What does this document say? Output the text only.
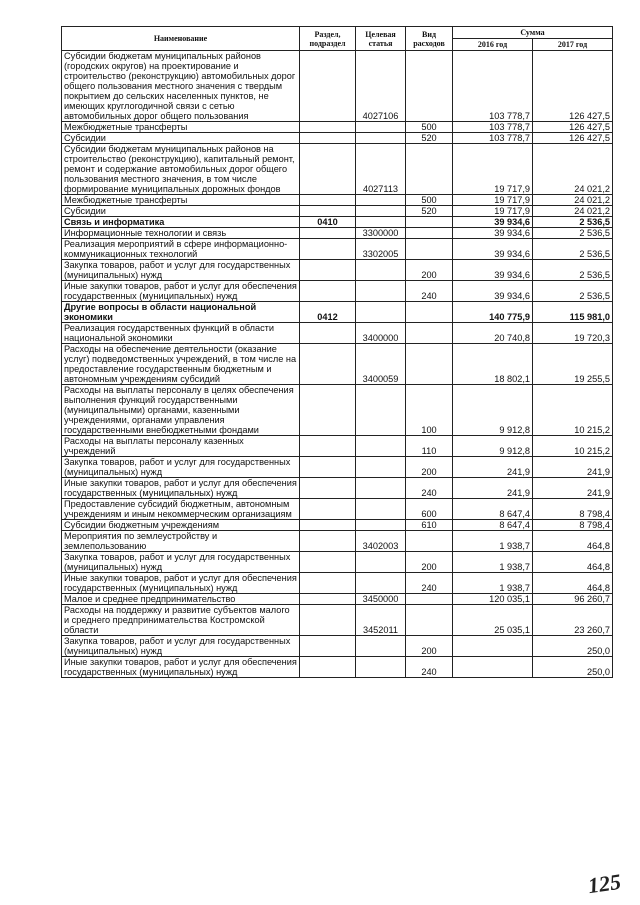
Наименование	Раздел, подраздел	Целевая статья	Вид расходов	Сумма	
				2016 год	2017 год
Субсидии бюджетам муниципальных районов (городских округов) на проектирование и строительство (реконструкцию) автомобильных дорог общего пользования местного значения с твердым покрытием до сельских населенных пунктов, не имеющих круглогодичной связи с сетью автомобильных дорог общего пользования		4027106		103 778,7	126 427,5
Межбюджетные трансферты			500	103 778,7	126 427,5
Субсидии			520	103 778,7	126 427,5
Субсидии бюджетам муниципальных районов на строительство (реконструкцию), капитальный ремонт, ремонт и содержание автомобильных дорог общего пользования местного значения, в том числе формирование муниципальных дорожных фондов		4027113		19 717,9	24 021,2
Межбюджетные трансферты			500	19 717,9	24 021,2
Субсидии			520	19 717,9	24 021,2
Связь и информатика	0410			39 934,6	2 536,5
Информационные технологии и связь		3300000		39 934,6	2 536,5
Реализация мероприятий в сфере информационно-коммуникационных технологий		3302005		39 934,6	2 536,5
Закупка товаров, работ и услуг для государственных (муниципальных) нужд			200	39 934,6	2 536,5
Иные закупки товаров, работ и услуг для обеспечения государственных (муниципальных) нужд			240	39 934,6	2 536,5
Другие вопросы в области национальной экономики	0412			140 775,9	115 981,0
Реализация государственных функций в области национальной экономики		3400000		20 740,8	19 720,3
Расходы на обеспечение деятельности (оказание услуг) подведомственных учреждений, в том числе на предоставление государственным бюджетным и автономным учреждениям субсидий		3400059		18 802,1	19 255,5
Расходы на выплаты персоналу в целях обеспечения выполнения функций государственными (муниципальными) органами, казенными учреждениями, органами управления государственными внебюджетными фондами			100	9 912,8	10 215,2
Расходы на выплаты персоналу казенных учреждений			110	9 912,8	10 215,2
Закупка товаров, работ и услуг для государственных (муниципальных) нужд			200	241,9	241,9
Иные закупки товаров, работ и услуг для обеспечения государственных (муниципальных) нужд			240	241,9	241,9
Предоставление субсидий бюджетным, автономным учреждениям и иным некоммерческим организациям			600	8 647,4	8 798,4
Субсидии бюджетным учреждениям			610	8 647,4	8 798,4
Мероприятия по землеустройству и землепользованию		3402003		1 938,7	464,8
Закупка товаров, работ и услуг для государственных (муниципальных) нужд			200	1 938,7	464,8
Иные закупки товаров, работ и услуг для обеспечения государственных (муниципальных) нужд			240	1 938,7	464,8
Малое и среднее предпринимательство		3450000		120 035,1	96 260,7
Расходы на поддержку и развитие субъектов малого и среднего предпринимательства Костромской области		3452011		25 035,1	23 260,7
Закупка товаров, работ и услуг для государственных (муниципальных) нужд			200		250,0
Иные закупки товаров, работ и услуг для обеспечения государственных (муниципальных) нужд			240		250,0
125
